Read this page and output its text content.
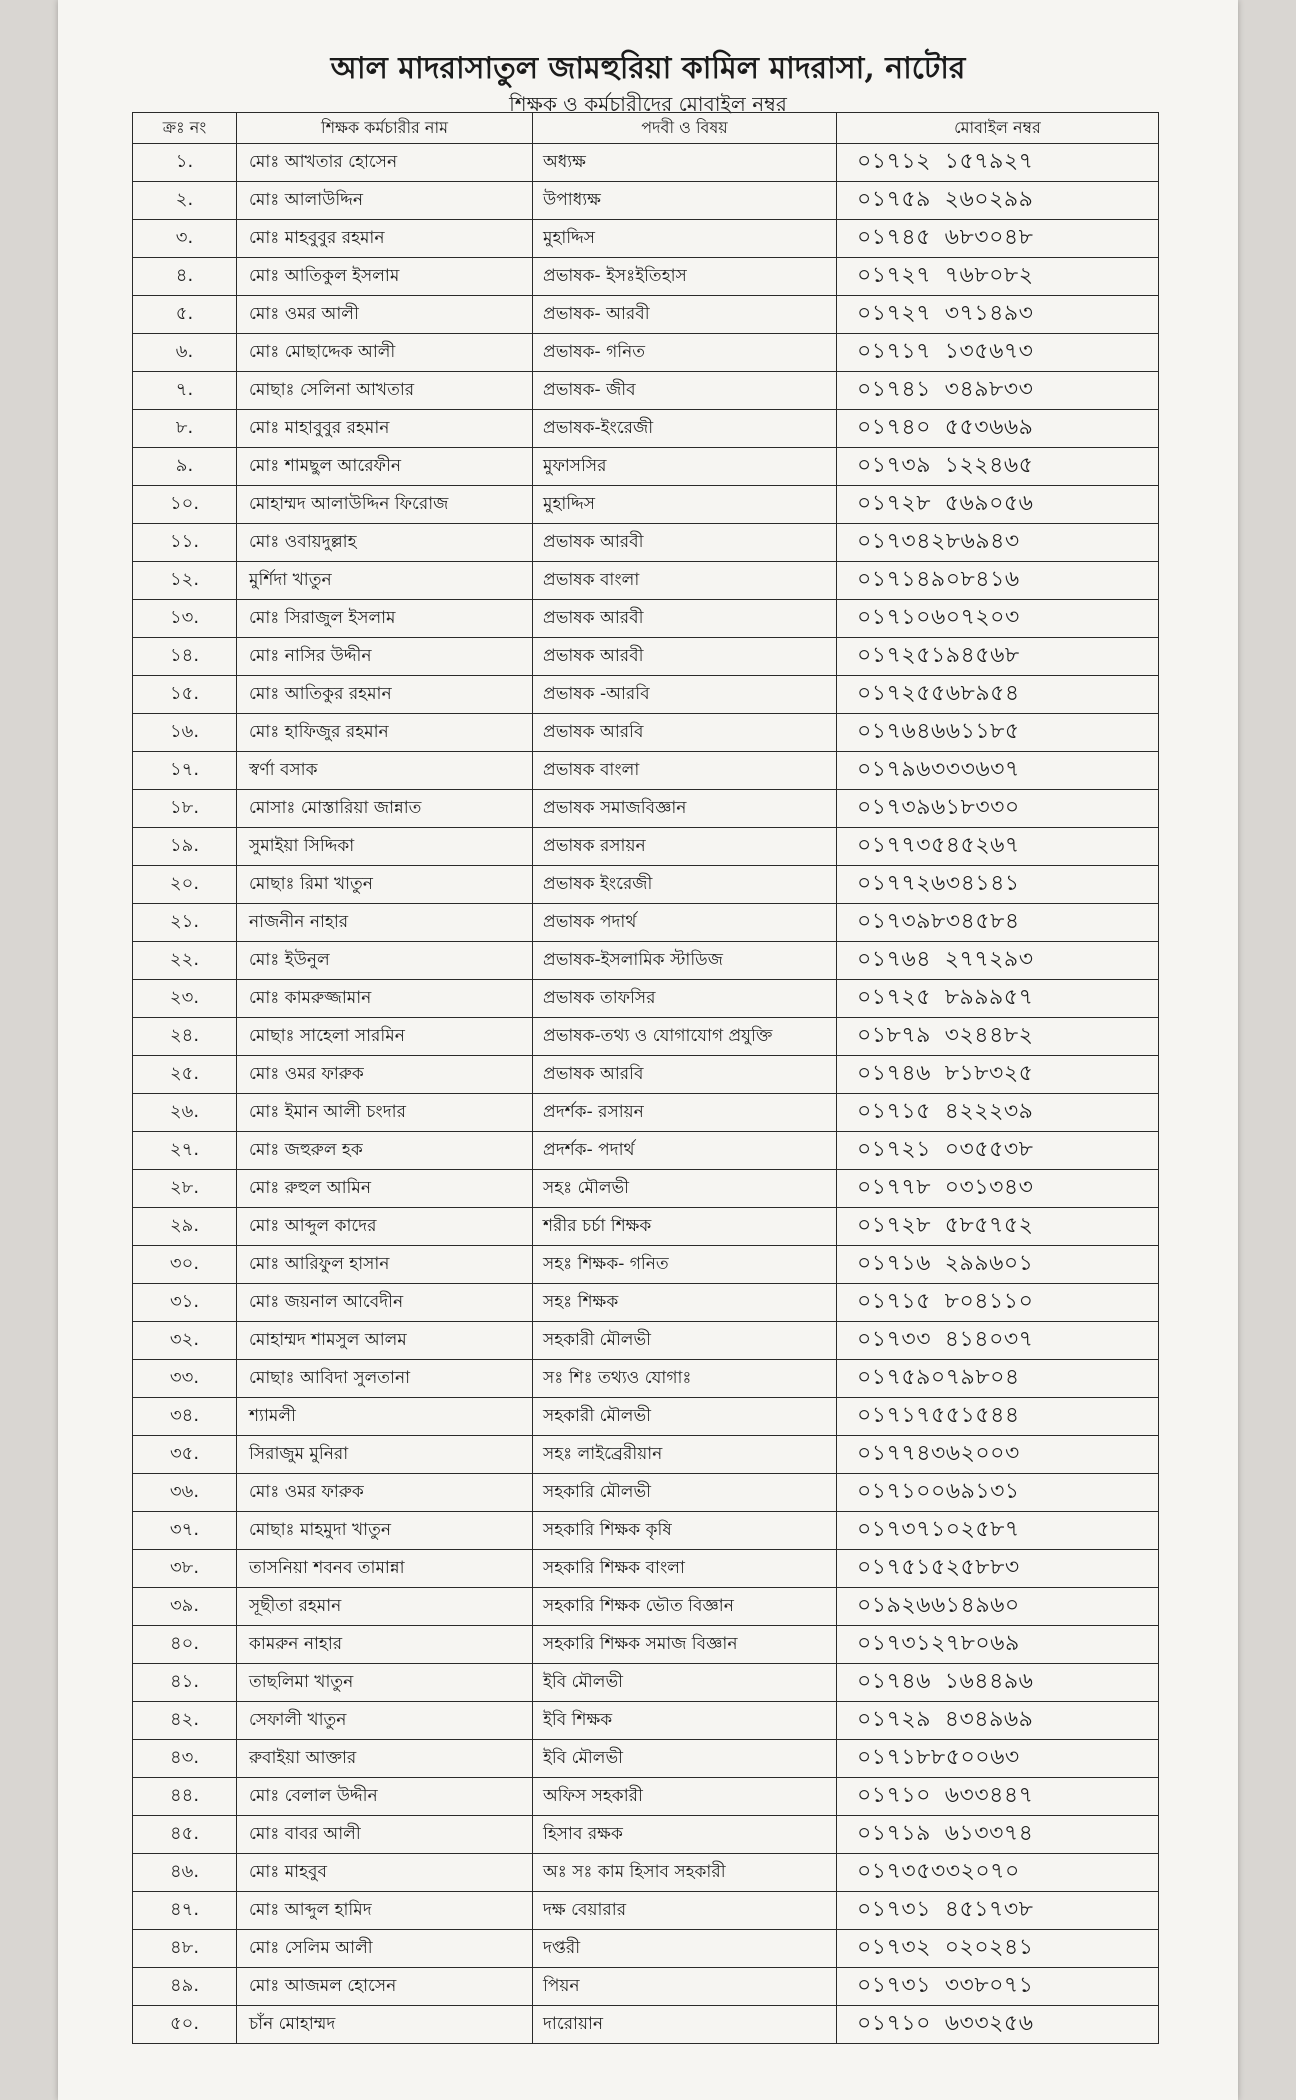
আল মাদরাসাতুল জামহুরিয়া কামিল মাদরাসা, নাটোর
শিক্ষক ও কর্মচারীদের মোবাইল নম্বর
ক্রঃ নং	শিক্ষক কর্মচারীর নাম	পদবী ও বিষয়	মোবাইল নম্বর
১.	মোঃ আখতার হোসেন	অধ্যক্ষ	০১৭১২ ১৫৭৯২৭
২.	মোঃ আলাউদ্দিন	উপাধ্যক্ষ	০১৭৫৯ ২৬০২৯৯
৩.	মোঃ মাহবুবুর রহমান	মুহাদ্দিস	০১৭৪৫ ৬৮৩০৪৮
৪.	মোঃ আতিকুল ইসলাম	প্রভাষক- ইসঃইতিহাস	০১৭২৭ ৭৬৮০৮২
৫.	মোঃ ওমর আলী	প্রভাষক- আরবী	০১৭২৭ ৩৭১৪৯৩
৬.	মোঃ মোছাদ্দেক আলী	প্রভাষক- গনিত	০১৭১৭ ১৩৫৬৭৩
৭.	মোছাঃ সেলিনা আখতার	প্রভাষক- জীব	০১৭৪১ ৩৪৯৮৩৩
৮.	মোঃ মাহাবুবুর রহমান	প্রভাষক-ইংরেজী	০১৭৪০ ৫৫৩৬৬৯
৯.	মোঃ শামছুল আরেফীন	মুফাসসির	০১৭৩৯ ১২২৪৬৫
১০.	মোহাম্মদ আলাউদ্দিন ফিরোজ	মুহাদ্দিস	০১৭২৮ ৫৬৯০৫৬
১১.	মোঃ ওবায়দুল্লাহ	প্রভাষক আরবী	০১৭৩৪২৮৬৯৪৩
১২.	মুর্শিদা খাতুন	প্রভাষক বাংলা	০১৭১৪৯০৮৪১৬
১৩.	মোঃ সিরাজুল ইসলাম	প্রভাষক আরবী	০১৭১০৬০৭২০৩
১৪.	মোঃ নাসির উদ্দীন	প্রভাষক আরবী	০১৭২৫১৯৪৫৬৮
১৫.	মোঃ আতিকুর রহমান	প্রভাষক -আরবি	০১৭২৫৫৬৮৯৫৪
১৬.	মোঃ হাফিজুর রহমান	প্রভাষক আরবি	০১৭৬৪৬৬১১৮৫
১৭.	স্বর্ণা বসাক	প্রভাষক বাংলা	০১৭৯৬৩৩৩৬৩৭
১৮.	মোসাঃ মোস্তারিয়া জান্নাত	প্রভাষক সমাজবিজ্ঞান	০১৭৩৯৬১৮৩৩০
১৯.	সুমাইয়া সিদ্দিকা	প্রভাষক রসায়ন	০১৭৭৩৫৪৫২৬৭
২০.	মোছাঃ রিমা খাতুন	প্রভাষক ইংরেজী	০১৭৭২৬৩৪১৪১
২১.	নাজনীন নাহার	প্রভাষক পদার্থ	০১৭৩৯৮৩৪৫৮৪
২২.	মোঃ ইউনুল	প্রভাষক-ইসলামিক স্টাডিজ	০১৭৬৪ ২৭৭২৯৩
২৩.	মোঃ কামরুজ্জামান	প্রভাষক তাফসির	০১৭২৫ ৮৯৯৯৫৭
২৪.	মোছাঃ সাহেলা সারমিন	প্রভাষক-তথ্য ও যোগাযোগ প্রযুক্তি	০১৮৭৯ ৩২৪৪৮২
২৫.	মোঃ ওমর ফারুক	প্রভাষক আরবি	০১৭৪৬ ৮১৮৩২৫
২৬.	মোঃ ইমান আলী চংদার	প্রদর্শক- রসায়ন	০১৭১৫ ৪২২২৩৯
২৭.	মোঃ জহুরুল হক	প্রদর্শক- পদার্থ	০১৭২১ ০৩৫৫৩৮
২৮.	মোঃ রুহুল আমিন	সহঃ মৌলভী	০১৭৭৮ ০৩১৩৪৩
২৯.	মোঃ আব্দুল কাদের	শরীর চর্চা শিক্ষক	০১৭২৮ ৫৮৫৭৫২
৩০.	মোঃ আরিফুল হাসান	সহঃ শিক্ষক- গনিত	০১৭১৬ ২৯৯৬০১
৩১.	মোঃ জয়নাল আবেদীন	সহঃ শিক্ষক	০১৭১৫ ৮০৪১১০
৩২.	মোহাম্মদ শামসুল আলম	সহকারী মৌলভী	০১৭৩৩ ৪১৪০৩৭
৩৩.	মোছাঃ আবিদা সুলতানা	সঃ শিঃ তথ্যও যোগাঃ	০১৭৫৯০৭৯৮০৪
৩৪.	শ্যামলী	সহকারী মৌলভী	০১৭১৭৫৫১৫৪৪
৩৫.	সিরাজুম মুনিরা	সহঃ লাইব্রেরীয়ান	০১৭৭৪৩৬২০০৩
৩৬.	মোঃ ওমর ফারুক	সহকারি মৌলভী	০১৭১০০৬৯১৩১
৩৭.	মোছাঃ মাহমুদা খাতুন	সহকারি শিক্ষক কৃষি	০১৭৩৭১০২৫৮৭
৩৮.	তাসনিয়া শবনব তামান্না	সহকারি শিক্ষক বাংলা	০১৭৫১৫২৫৮৮৩
৩৯.	সূছীতা রহমান	সহকারি শিক্ষক ভৌত বিজ্ঞান	০১৯২৬৬১৪৯৬০
৪০.	কামরুন নাহার	সহকারি শিক্ষক সমাজ বিজ্ঞান	০১৭৩১২৭৮০৬৯
৪১.	তাছলিমা খাতুন	ইবি মৌলভী	০১৭৪৬ ১৬৪৪৯৬
৪২.	সেফালী খাতুন	ইবি শিক্ষক	০১৭২৯ ৪৩৪৯৬৯
৪৩.	রুবাইয়া আক্তার	ইবি মৌলভী	০১৭১৮৮৫০০৬৩
৪৪.	মোঃ বেলাল উদ্দীন	অফিস সহকারী	০১৭১০ ৬৩৩৪৪৭
৪৫.	মোঃ বাবর আলী	হিসাব রক্ষক	০১৭১৯ ৬১৩৩৭৪
৪৬.	মোঃ মাহবুব	অঃ সঃ কাম হিসাব সহকারী	০১৭৩৫৩৩২০৭০
৪৭.	মোঃ আব্দুল হামিদ	দক্ষ বেয়ারার	০১৭৩১ ৪৫১৭৩৮
৪৮.	মোঃ সেলিম আলী	দপ্তরী	০১৭৩২ ০২০২৪১
৪৯.	মোঃ আজমল হোসেন	পিয়ন	০১৭৩১ ৩৩৮০৭১
৫০.	চাঁন মোহাম্মদ	দারোয়ান	০১৭১০ ৬৩৩২৫৬
